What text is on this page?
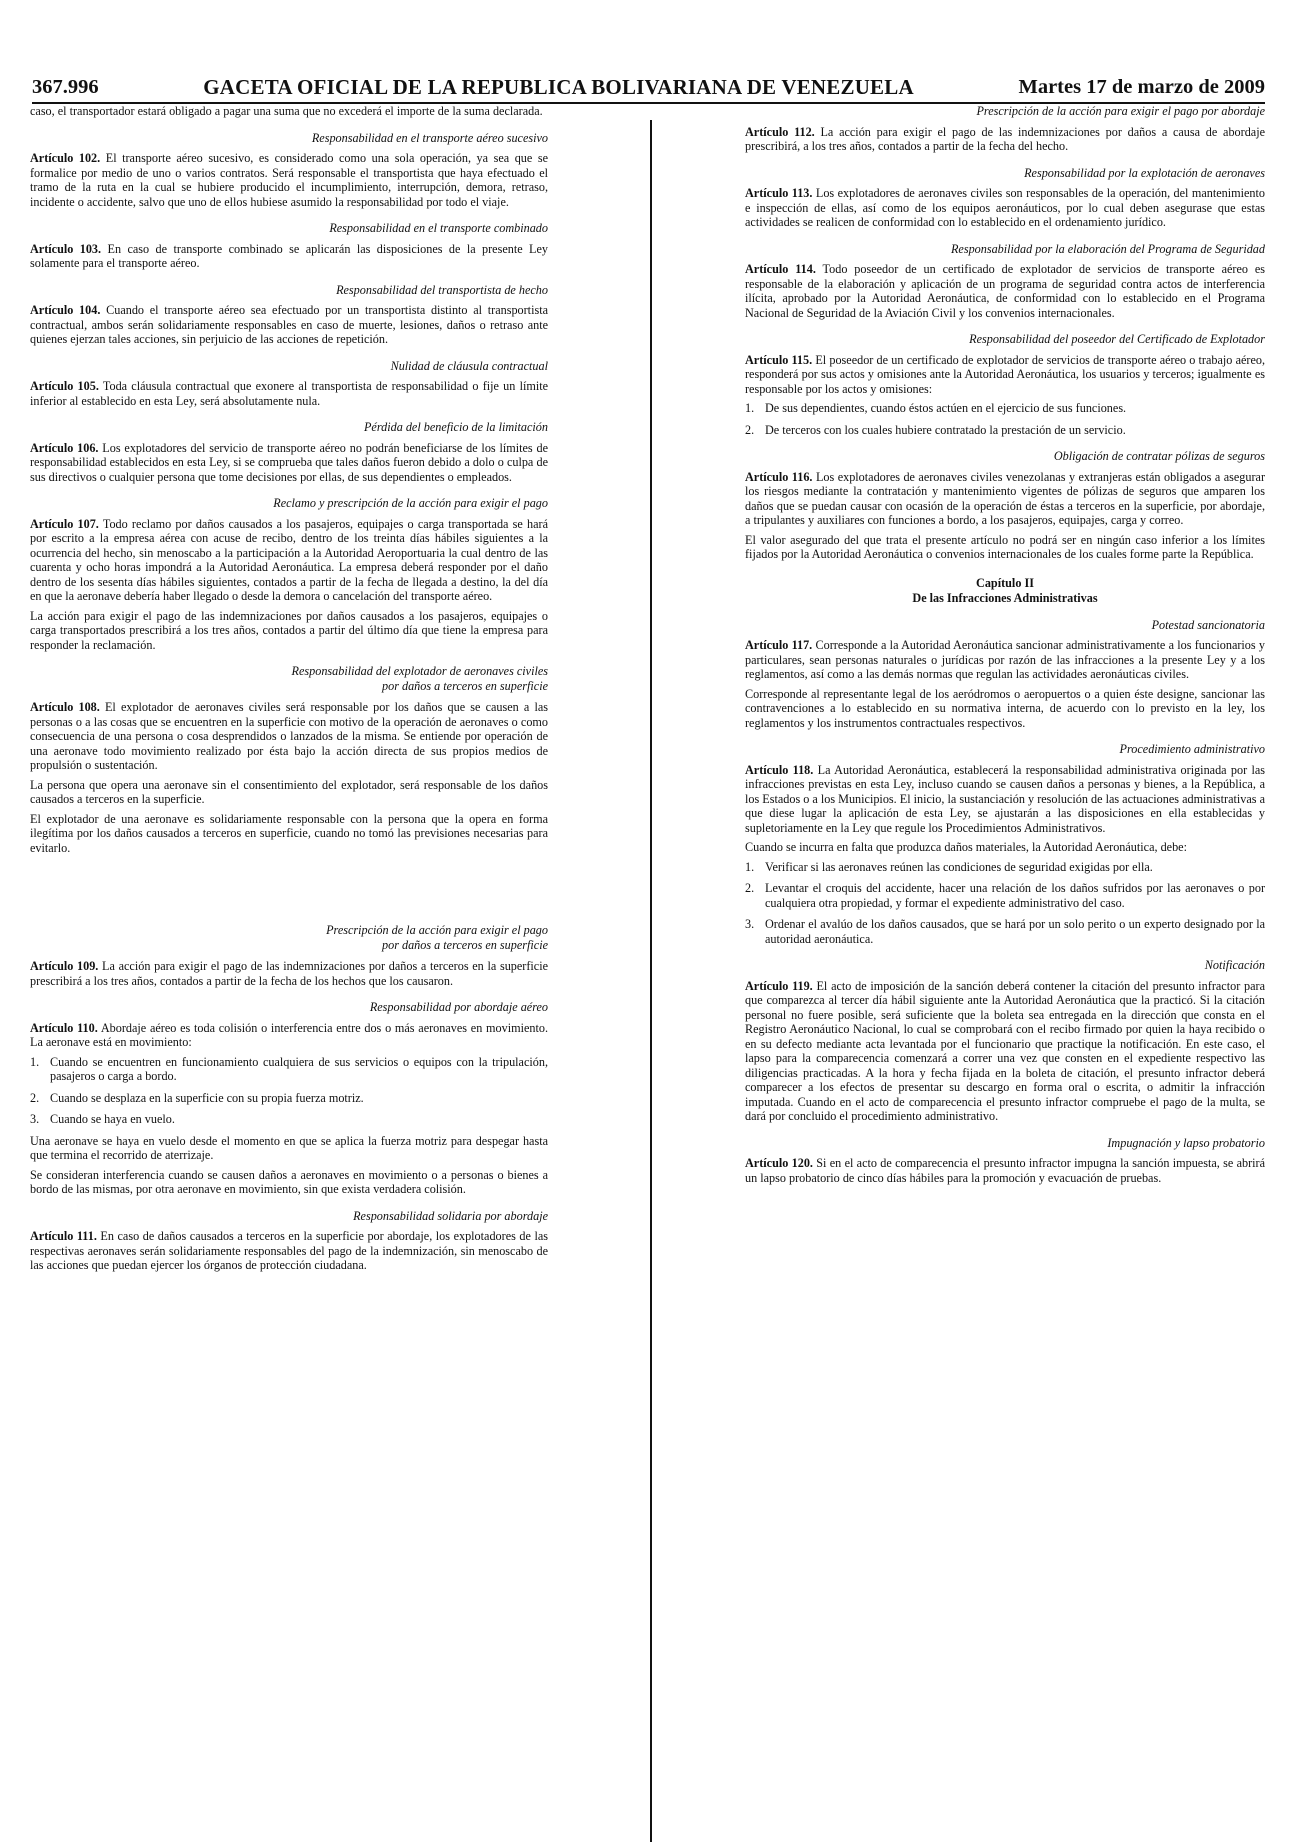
367.996	GACETA OFICIAL DE LA REPUBLICA BOLIVARIANA DE VENEZUELA	Martes 17 de marzo de 2009

caso, el transportador estará obligado a pagar una suma que no excederá el importe de la suma declarada.

Responsabilidad en el transporte aéreo sucesivo

Artículo 102. El transporte aéreo sucesivo, es considerado como una sola operación, ya sea que se formalice por medio de uno o varios contratos. Será responsable el transportista que haya efectuado el tramo de la ruta en la cual se hubiere producido el incumplimiento, interrupción, demora, retraso, incidente o accidente, salvo que uno de ellos hubiese asumido la responsabilidad por todo el viaje.

Responsabilidad en el transporte combinado

Artículo 103. En caso de transporte combinado se aplicarán las disposiciones de la presente Ley solamente para el transporte aéreo.

Responsabilidad del transportista de hecho

Artículo 104. Cuando el transporte aéreo sea efectuado por un transportista distinto al transportista contractual, ambos serán solidariamente responsables en caso de muerte, lesiones, daños o retraso ante quienes ejerzan tales acciones, sin perjuicio de las acciones de repetición.

Nulidad de cláusula contractual

Artículo 105. Toda cláusula contractual que exonere al transportista de responsabilidad o fije un límite inferior al establecido en esta Ley, será absolutamente nula.

Pérdida del beneficio de la limitación

Artículo 106. Los explotadores del servicio de transporte aéreo no podrán beneficiarse de los límites de responsabilidad establecidos en esta Ley, si se comprueba que tales daños fueron debido a dolo o culpa de sus directivos o cualquier persona que tome decisiones por ellas, de sus dependientes o empleados.

Reclamo y prescripción de la acción para exigir el pago

Artículo 107. Todo reclamo por daños causados a los pasajeros, equipajes o carga transportada se hará por escrito a la empresa aérea con acuse de recibo, dentro de los treinta días hábiles siguientes a la ocurrencia del hecho, sin menoscabo a la participación a la Autoridad Aeroportuaria la cual dentro de las cuarenta y ocho horas impondrá a la Autoridad Aeronáutica. La empresa deberá responder por el daño dentro de los sesenta días hábiles siguientes, contados a partir de la fecha de llegada a destino, la del día en que la aeronave debería haber llegado o desde la demora o cancelación del transporte aéreo.

La acción para exigir el pago de las indemnizaciones por daños causados a los pasajeros, equipajes o carga transportados prescribirá a los tres años, contados a partir del último día que tiene la empresa para responder la reclamación.

Responsabilidad del explotador de aeronaves civiles
por daños a terceros en superficie

Artículo 108. El explotador de aeronaves civiles será responsable por los daños que se causen a las personas o a las cosas que se encuentren en la superficie con motivo de la operación de aeronaves o como consecuencia de una persona o cosa desprendidos o lanzados de la misma. Se entiende por operación de una aeronave todo movimiento realizado por ésta bajo la acción directa de sus propios medios de propulsión o sustentación.

La persona que opera una aeronave sin el consentimiento del explotador, será responsable de los daños causados a terceros en la superficie.

El explotador de una aeronave es solidariamente responsable con la persona que la opera en forma ilegítima por los daños causados a terceros en superficie, cuando no tomó las previsiones necesarias para evitarlo.

Prescripción de la acción para exigir el pago
por daños a terceros en superficie

Artículo 109. La acción para exigir el pago de las indemnizaciones por daños a terceros en la superficie prescribirá a los tres años, contados a partir de la fecha de los hechos que los causaron.

Responsabilidad por abordaje aéreo

Artículo 110. Abordaje aéreo es toda colisión o interferencia entre dos o más aeronaves en movimiento. La aeronave está en movimiento:

1. Cuando se encuentren en funcionamiento cualquiera de sus servicios o equipos con la tripulación, pasajeros o carga a bordo.
2. Cuando se desplaza en la superficie con su propia fuerza motriz.
3. Cuando se haya en vuelo.

Una aeronave se haya en vuelo desde el momento en que se aplica la fuerza motriz para despegar hasta que termina el recorrido de aterrizaje.

Se consideran interferencia cuando se causen daños a aeronaves en movimiento o a personas o bienes a bordo de las mismas, por otra aeronave en movimiento, sin que exista verdadera colisión.

Responsabilidad solidaria por abordaje

Artículo 111. En caso de daños causados a terceros en la superficie por abordaje, los explotadores de las respectivas aeronaves serán solidariamente responsables del pago de la indemnización, sin menoscabo de las acciones que puedan ejercer los órganos de protección ciudadana.

Prescripción de la acción para exigir el pago por abordaje

Artículo 112. La acción para exigir el pago de las indemnizaciones por daños a causa de abordaje prescribirá, a los tres años, contados a partir de la fecha del hecho.

Responsabilidad por la explotación de aeronaves

Artículo 113. Los explotadores de aeronaves civiles son responsables de la operación, del mantenimiento e inspección de ellas, así como de los equipos aeronáuticos, por lo cual deben asegurase que estas actividades se realicen de conformidad con lo establecido en el ordenamiento jurídico.

Responsabilidad por la elaboración del Programa de Seguridad

Artículo 114. Todo poseedor de un certificado de explotador de servicios de transporte aéreo es responsable de la elaboración y aplicación de un programa de seguridad contra actos de interferencia ilícita, aprobado por la Autoridad Aeronáutica, de conformidad con lo establecido en el Programa Nacional de Seguridad de la Aviación Civil y los convenios internacionales.

Responsabilidad del poseedor del Certificado de Explotador

Artículo 115. El poseedor de un certificado de explotador de servicios de transporte aéreo o trabajo aéreo, responderá por sus actos y omisiones ante la Autoridad Aeronáutica, los usuarios y terceros; igualmente es responsable por los actos y omisiones:

1. De sus dependientes, cuando éstos actúen en el ejercicio de sus funciones.
2. De terceros con los cuales hubiere contratado la prestación de un servicio.
Obligación de contratar pólizas de seguros

Artículo 116. Los explotadores de aeronaves civiles venezolanas y extranjeras están obligados a asegurar los riesgos mediante la contratación y mantenimiento vigentes de pólizas de seguros que amparen los daños que se puedan causar con ocasión de la operación de éstas a terceros en la superficie, por abordaje, a tripulantes y auxiliares con funciones a bordo, a los pasajeros, equipajes, carga y correo.

El valor asegurado del que trata el presente artículo no podrá ser en ningún caso inferior a los límites fijados por la Autoridad Aeronáutica o convenios internacionales de los cuales forme parte la República.

Capítulo II
De las Infracciones Administrativas
Potestad sancionatoria

Artículo 117. Corresponde a la Autoridad Aeronáutica sancionar administrativamente a los funcionarios y particulares, sean personas naturales o jurídicas por razón de las infracciones a la presente Ley y a los reglamentos, así como a las demás normas que regulan las actividades aeronáuticas civiles.

Corresponde al representante legal de los aeródromos o aeropuertos o a quien éste designe, sancionar las contravenciones a lo establecido en su normativa interna, de acuerdo con lo previsto en la ley, los reglamentos y los instrumentos contractuales respectivos.

Procedimiento administrativo

Artículo 118. La Autoridad Aeronáutica, establecerá la responsabilidad administrativa originada por las infracciones previstas en esta Ley, incluso cuando se causen daños a personas y bienes, a la República, a los Estados o a los Municipios. El inicio, la sustanciación y resolución de las actuaciones administrativas a que diese lugar la aplicación de esta Ley, se ajustarán a las disposiciones en ella establecidas y supletoriamente en la Ley que regule los Procedimientos Administrativos.

Cuando se incurra en falta que produzca daños materiales, la Autoridad Aeronáutica, debe:

1. Verificar si las aeronaves reúnen las condiciones de seguridad exigidas por ella.
2. Levantar el croquis del accidente, hacer una relación de los daños sufridos por las aeronaves o por cualquiera otra propiedad, y formar el expediente administrativo del caso.
3. Ordenar el avalúo de los daños causados, que se hará por un solo perito o un experto designado por la autoridad aeronáutica.
Notificación

Artículo 119. El acto de imposición de la sanción deberá contener la citación del presunto infractor para que comparezca al tercer día hábil siguiente ante la Autoridad Aeronáutica que la practicó. Si la citación personal no fuere posible, será suficiente que la boleta sea entregada en la dirección que consta en el Registro Aeronáutico Nacional, lo cual se comprobará con el recibo firmado por quien la haya recibido o en su defecto mediante acta levantada por el funcionario que practique la notificación. En este caso, el lapso para la comparecencia comenzará a correr una vez que consten en el expediente respectivo las diligencias practicadas. A la hora y fecha fijada en la boleta de citación, el presunto infractor deberá comparecer a los efectos de presentar su descargo en forma oral o escrita, o admitir la infracción imputada. Cuando en el acto de comparecencia el presunto infractor compruebe el pago de la multa, se dará por concluido el procedimiento administrativo.

Impugnación y lapso probatorio

Artículo 120. Si en el acto de comparecencia el presunto infractor impugna la sanción impuesta, se abrirá un lapso probatorio de cinco días hábiles para la promoción y evacuación de pruebas.
